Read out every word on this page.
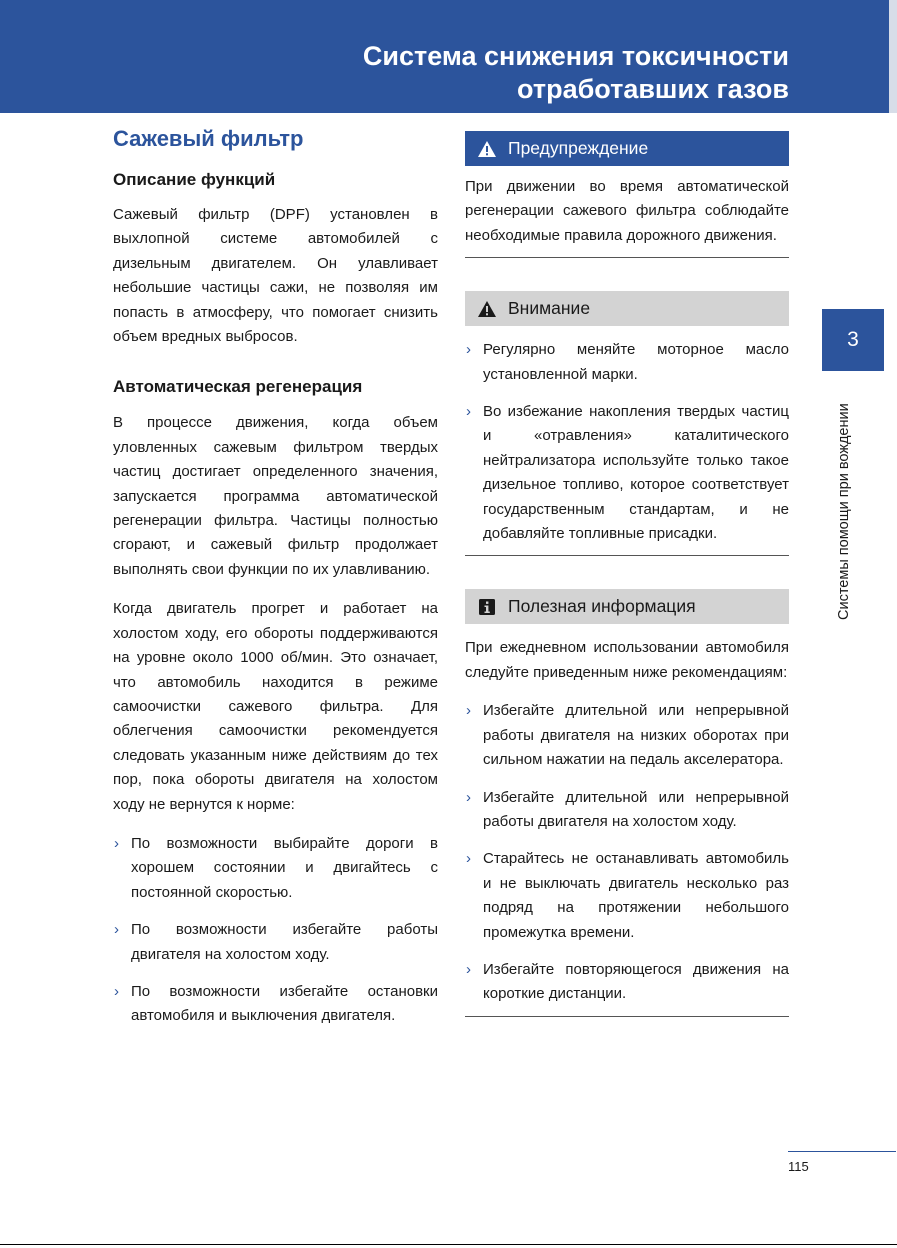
Система снижения токсичности
отработавших газов
Сажевый фильтр
Описание функций

Сажевый фильтр (DPF) установлен в выхлопной системе автомобилей с дизельным двигателем. Он улавливает небольшие частицы сажи, не позволяя им попасть в атмосферу, что помогает снизить объем вредных выбросов.

Автоматическая регенерация

В процессе движения, когда объем уловленных сажевым фильтром твердых частиц достигает определенного значения, запускается программа автоматической регенерации фильтра. Частицы полностью сгорают, и сажевый фильтр продолжает выполнять свои функции по их улавливанию.

Когда двигатель прогрет и работает на холостом ходу, его обороты поддерживаются на уровне около 1000 об/мин. Это означает, что автомобиль находится в режиме самоочистки сажевого фильтра. Для облегчения самоочистки рекомендуется следовать указанным ниже действиям до тех пор, пока обороты двигателя на холостом ходу не вернутся к норме:

› По возможности выбирайте дороги в хорошем состоянии и двигайтесь с постоянной скоростью.
› По возможности избегайте работы двигателя на холостом ходу.
› По возможности избегайте остановки автомобиля и выключения двигателя.
Предупреждение

При движении во время автоматической регенерации сажевого фильтра соблюдайте необходимые правила дорожного движения.

Внимание
› Регулярно меняйте моторное масло установленной марки.
› Во избежание накопления твердых частиц и «отравления» каталитического нейтрализатора используйте только такое дизельное топливо, которое соответствует государственным стандартам, и не добавляйте топливные присадки.
Полезная информация

При ежедневном использовании автомобиля следуйте приведенным ниже рекомендациям:

› Избегайте длительной или непрерывной работы двигателя на низких оборотах при сильном нажатии на педаль акселератора.
› Избегайте длительной или непрерывной работы двигателя на холостом ходу.
› Старайтесь не останавливать автомобиль и не выключать двигатель несколько раз подряд на протяжении небольшого промежутка времени.
› Избегайте повторяющегося движения на короткие дистанции.
3
Системы помощи при вождении
115
